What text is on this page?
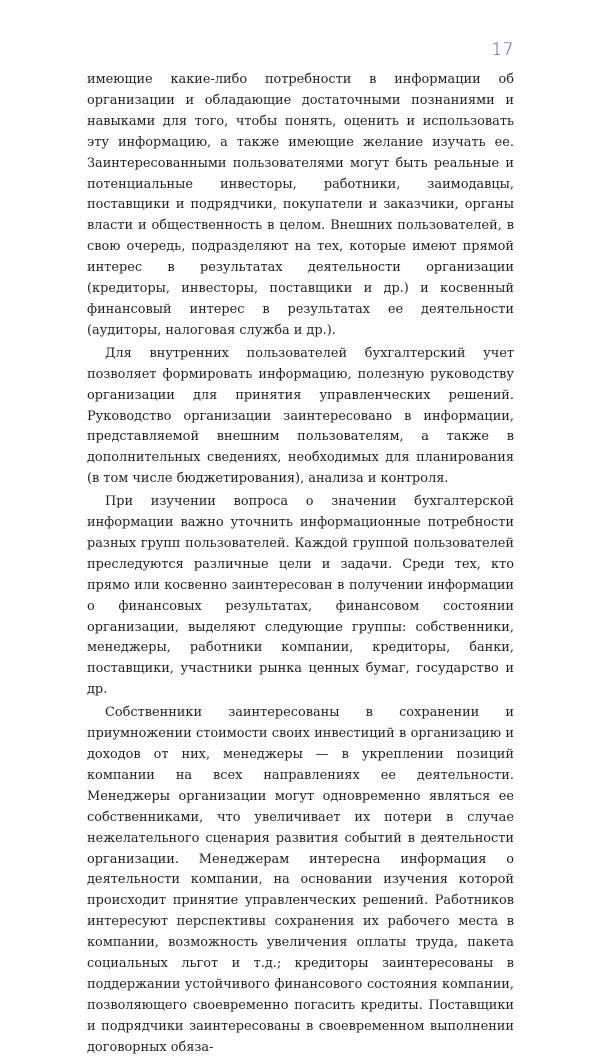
17

имеющие какие-либо потребности в информации об организации и обладающие достаточными познаниями и навыками для того, чтобы понять, оценить и использовать эту информацию, а также имеющие желание изучать ее. Заинтересованными пользователями могут быть реальные и потенциальные инвесторы, работники, заимодавцы, поставщики и подрядчики, покупатели и заказчики, органы власти и общественность в целом. Внешних пользователей, в свою очередь, подразделяют на тех, которые имеют прямой интерес в результатах деятельности организации (кредиторы, инвесторы, поставщики и др.) и косвенный финансовый интерес в результатах ее деятельности (аудиторы, налоговая служба и др.).

Для внутренних пользователей бухгалтерский учет позволяет формировать информацию, полезную руководству организации для принятия управленческих решений. Руководство организации заинтересовано в информации, представляемой внешним пользователям, а также в дополнительных сведениях, необходимых для планирования (в том числе бюджетирования), анализа и контроля.

При изучении вопроса о значении бухгалтерской информации важно уточнить информационные потребности разных групп пользователей. Каждой группой пользователей преследуются различные цели и задачи. Среди тех, кто прямо или косвенно заинтересован в получении информации о финансовых результатах, финансовом состоянии организации, выделяют следующие группы: собственники, менеджеры, работники компании, кредиторы, банки, поставщики, участники рынка ценных бумаг, государство и др.

Собственники заинтересованы в сохранении и приумножении стоимости своих инвестиций в организацию и доходов от них, менеджеры — в укреплении позиций компании на всех направлениях ее деятельности. Менеджеры организации могут одновременно являться ее собственниками, что увеличивает их потери в случае нежелательного сценария развития событий в деятельности организации. Менеджерам интересна информация о деятельности компании, на основании изучения которой происходит принятие управленческих решений. Работников интересуют перспективы сохранения их рабочего места в компании, возможность увеличения оплаты труда, пакета социальных льгот и т.д.; кредиторы заинтересованы в поддержании устойчивого финансового состояния компании, позволяющего своевременно погасить кредиты. Поставщики и подрядчики заинтересованы в своевременном выполнении договорных обяза-
